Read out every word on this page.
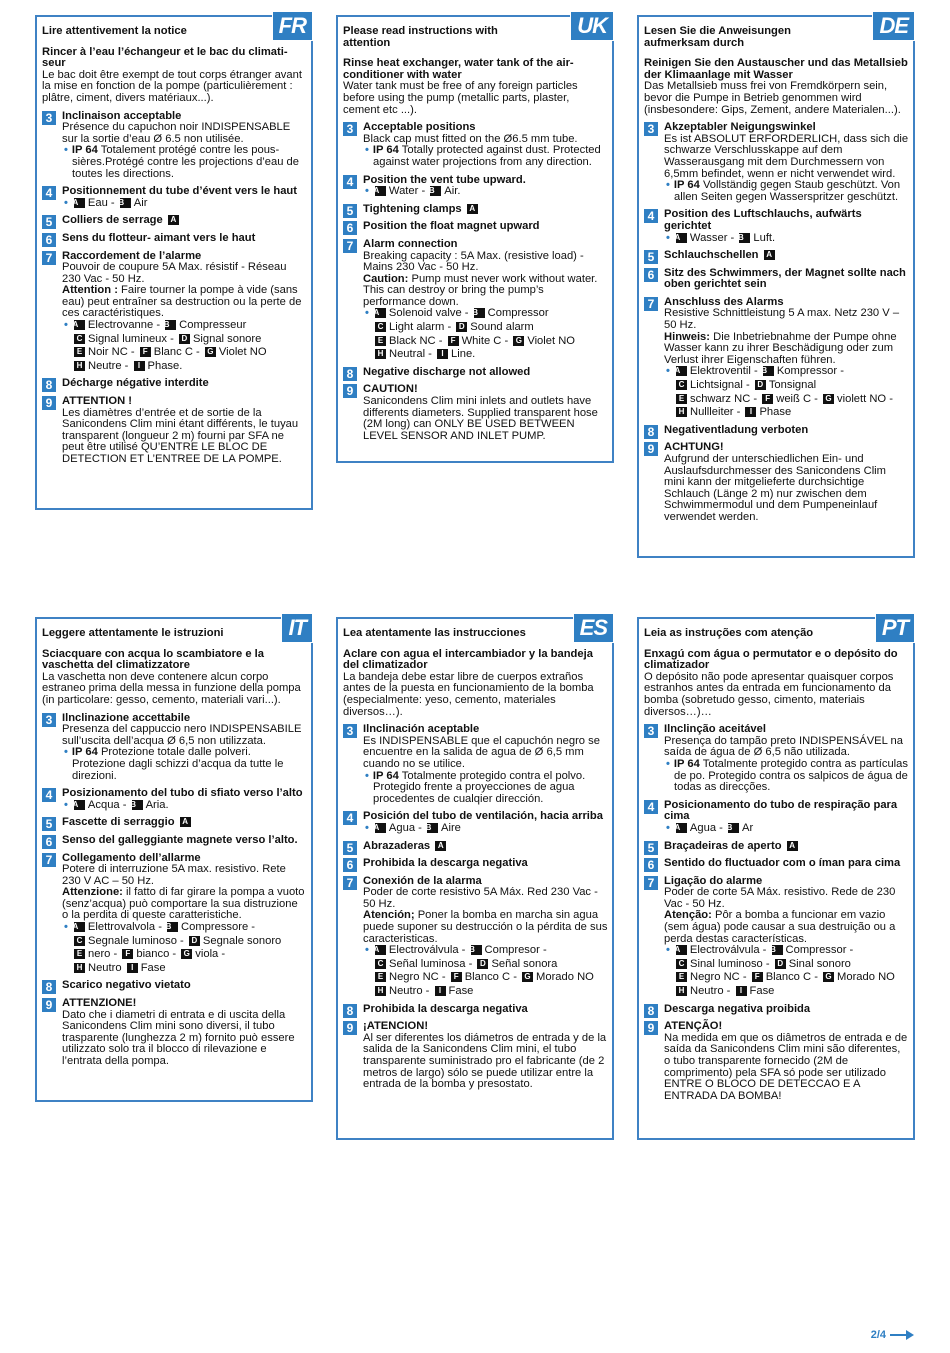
FR
Lire attentivement la notice
Rincer à l’eau l’échangeur et le bac du climati-seur
Le bac doit être exempt de tout corps étranger avant la mise en fonction de la pompe (particulièrement : plâtre, ciment, divers matériaux...).
3 Inclinaison acceptable
Présence du capuchon noir INDISPENSABLE sur la sortie d’eau Ø 6.5 non utilisée.
• IP 64 Totalement protégé contre les pous-sières.Protégé contre les projections d’eau de toutes les directions.
4 Positionnement du tube d’évent vers le haut
• A Eau - B Air
5 Colliers de serrage A
6 Sens du flotteur- aimant vers le haut
7 Raccordement de l’alarme
Pouvoir de coupure 5A Max. résistif - Réseau 230 Vac - 50 Hz.
Attention : Faire tourner la pompe à vide (sans eau) peut entraîner sa destruction ou la perte de ces caractéristiques.
• A Electrovanne - B Compresseur
C Signal lumineux - D Signal sonore
E Noir NC - F Blanc C - G Violet NO
H Neutre - I Phase.
8 Décharge négative interdite
9 ATTENTION !
Les diamètres d’entrée et de sortie de la Sanicondens Clim mini étant différents, le tuyau transparent (longueur 2 m) fourni par SFA ne peut être utilisé QU’ENTRE LE BLOC DE DETECTION ET L’ENTREE DE LA POMPE.
UK
Please read instructions with attention
Rinse heat exchanger, water tank of the air-conditioner with water
Water tank must be free of any foreign particles before using the pump (metallic parts, plaster, cement etc ...).
3 Acceptable positions
Black cap must fitted on the Ø6.5 mm tube.
• IP 64 Totally protected against dust. Protected against water projections from any direction.
4 Position the vent tube upward.
• A Water - B Air.
5 Tightening clamps A
6 Position the float magnet upward
7 Alarm connection
Breaking capacity : 5A Max. (resistive load) - Mains 230 Vac - 50 Hz.
Caution: Pump must never work without water. This can destroy or bring the pump’s performance down.
• A Solenoid valve - B Compressor
C Light alarm - D Sound alarm
E Black NC - F White C - G Violet NO
H Neutral - I Line.
8 Negative discharge not allowed
9 CAUTION!
Sanicondens Clim mini inlets and outlets have differents diameters. Supplied transparent hose (2M long) can ONLY BE USED BETWEEN LEVEL SENSOR AND INLET PUMP.
DE
Lesen Sie die Anweisungen aufmerksam durch
Reinigen Sie den Austauscher und das Metallsieb der Klimaanlage mit Wasser
Das Metallsieb muss frei von Fremdkörpern sein, bevor die Pumpe in Betrieb genommen wird (insbesondere: Gips, Zement, andere Materialen...).
3 Akzeptabler Neigungswinkel
Es ist ABSOLUT ERFORDERLICH, dass sich die schwarze Verschlusskappe auf dem Wasserausgang mit dem Durchmessern von 6,5mm befindet, wenn er nicht verwendet wird.
• IP 64 Vollständig gegen Staub geschützt. Von allen Seiten gegen Wasserspritzer geschützt.
4 Position des Luftschlauchs, aufwärts gerichtet
• A Wasser - B Luft.
5 Schlauchschellen A
6 Sitz des Schwimmers, der Magnet sollte nach oben gerichtet sein
7 Anschluss des Alarms
Resistive Schnittleistung 5 A max. Netz 230 V – 50 Hz.
Hinweis: Die Inbetriebnahme der Pumpe ohne Wasser kann zu ihrer Beschädigung oder zum Verlust ihrer Eigenschaften führen.
• A Elektroventil - B Kompressor -
C Lichtsignal - D Tonsignal
E schwarz NC - F weiß C - G violett NO -
H Nullleiter - I Phase
8 Negativentladung verboten
9 ACHTUNG!
Aufgrund der unterschiedlichen Ein- und Auslaufsdurchmesser des Sanicondens Clim mini kann der mitgelieferte durchsichtige Schlauch (Länge 2 m) nur zwischen dem Schwimmermodul und dem Pumpeneinlauf verwendet werden.
IT
Leggere attentamente le istruzioni
Sciacquare con acqua lo scambiatore e la vaschetta del climatizzatore
La vaschetta non deve contenere alcun corpo estraneo prima della messa in funzione della pompa (in particolare: gesso, cemento, materiali vari...).
3 Ilnclinazione accettabile
Presenza del cappuccio nero INDISPENSABILE sull’uscita dell’acqua Ø 6,5 non utilizzata.
• IP 64 Protezione totale dalle polveri. Protezione dagli schizzi d’acqua da tutte le direzioni.
4 Posizionamento del tubo di sfiato verso l’alto
• A Acqua - B Aria.
5 Fascette di serraggio A
6 Senso del galleggiante magnete verso l’alto.
7 Collegamento dell’allarme
Potere di interruzione 5A max. resistivo. Rete 230 V AC – 50 Hz.
Attenzione: il fatto di far girare la pompa a vuoto (senz’acqua) può comportare la sua distruzione o la perdita di queste caratteristiche.
• A Elettrovalvola - B Compressore -
C Segnale luminoso - D Segnale sonoro
E nero - F bianco - G viola -
H Neutro I Fase
8 Scarico negativo vietato
9 ATTENZIONE!
Dato che i diametri di entrata e di uscita della Sanicondens Clim mini sono diversi, il tubo trasparente (lunghezza 2 m) fornito può essere utilizzato solo tra il blocco di rilevazione e l’entrata della pompa.
ES
Lea atentamente las instrucciones
Aclare con agua el intercambiador y la bandeja del climatizador
La bandeja debe estar libre de cuerpos extraños antes de la puesta en funcionamiento de la bomba (especialmente: yeso, cemento, materiales diversos…).
3 Ilnclinación aceptable
Es INDISPENSABLE que el capuchón negro se encuentre en la salida de agua de Ø 6,5 mm cuando no se utilice.
• IP 64 Totalmente protegido contra el polvo. Protegido frente a proyecciones de agua procedentes de cualqier dirección.
4 Posición del tubo de ventilación, hacia arriba
• A Agua - B Aire
5 Abrazaderas A
6 Prohibida la descarga negativa
7 Conexión de la alarma
Poder de corte resistivo 5A Máx. Red 230 Vac - 50 Hz.
Atención; Poner la bomba en marcha sin agua puede suponer su destrucción o la pérdita de sus caracteristicas.
• A Electroválvula - B Compresor -
C Señal luminosa - D Señal sonora
E Negro NC - F Blanco C - G Morado NO
H Neutro - I Fase
8 Prohibida la descarga negativa
9 ¡ATENCION!
Al ser diferentes los diámetros de entrada y de la salida de la Sanicondens Clim mini, el tubo transparente suministrado pro el fabricante (de 2 metros de largo) sólo se puede utilizar entre la entrada de la bomba y presostato.
PT
Leia as instruções com atenção
Enxagú com água o permutator e o depósito do climatizador
O depósito não pode apresentar quaisquer corpos estranhos antes da entrada em funcionamento da bomba (sobretudo gesso, cimento, materiais diversos…)…
3 Ilnclinção aceitável
Presença do tampão preto INDISPENSÁVEL na saída de água de Ø 6,5 não utilizada.
• IP 64 Totalmente protegido contra as partículas de po. Protegido contra os salpicos de água de todas as direcções.
4 Posicionamento do tubo de respiração para cima
• A Agua - B Ar
5 Braçadeiras de aperto A
6 Sentido do fluctuador com o íman para cima
7 Ligação do alarme
Poder de corte 5A Máx. resistivo. Rede de 230 Vac - 50 Hz.
Atenção: Pôr a bomba a funcionar em vazio (sem água) pode causar a sua destruição ou a perda destas características.
• A Electroválvula - B Compressor -
C Sinal luminoso - D Sinal sonoro
E Negro NC - F Blanco C - G Morado NO
H Neutro - I Fase
8 Descarga negativa proibida
9 ATENÇÃO!
Na medida em que os diâmetros de entrada e de saída da Sanicondens Clim mini são diferentes, o tubo transparente fornecido (2M de comprimento) pela SFA só pode ser utilizado ENTRE O BLOCO DE DETECCAO E A ENTRADA DA BOMBA!
2/4
